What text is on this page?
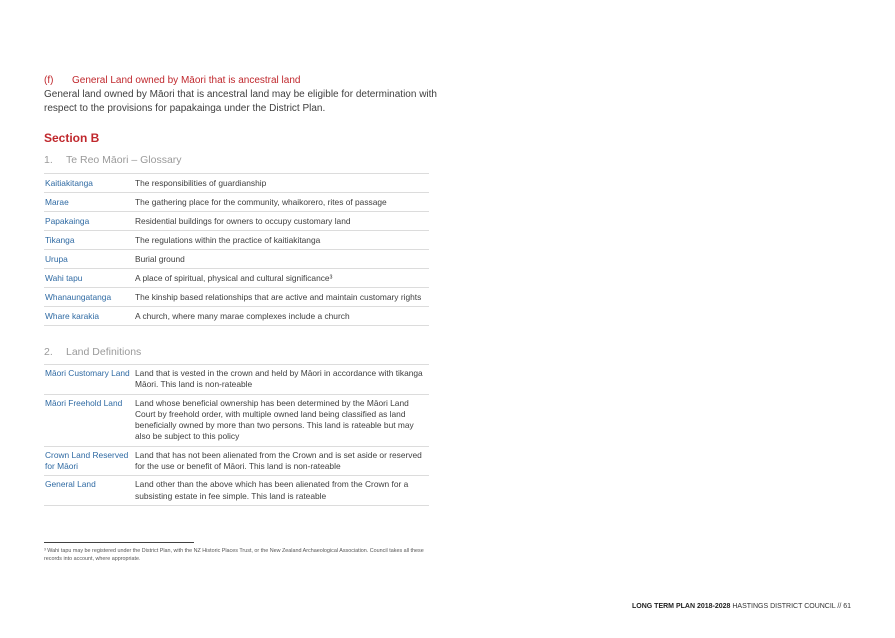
(f) General Land owned by Māori that is ancestral land
General land owned by Māori that is ancestral land may be eligible for determination with respect to the provisions for papakainga under the District Plan.
Section B
1. Te Reo Māori – Glossary
Kaitiakitanga	The responsibilities of guardianship
Marae	The gathering place for the community, whaikorero, rites of passage
Papakainga	Residential buildings for owners to occupy customary land
Tikanga	The regulations within the practice of kaitiakitanga
Urupa	Burial ground
Wahi tapu	A place of spiritual, physical and cultural significance³
Whanaungatanga	The kinship based relationships that are active and maintain customary rights
Whare karakia	A church, where many marae complexes include a church
2. Land Definitions
Māori Customary Land	Land that is vested in the crown and held by Māori in accordance with tikanga Māori. This land is non-rateable
Māori Freehold Land	Land whose beneficial ownership has been determined by the Māori Land Court by freehold order, with multiple owned land being classified as land beneficially owned by more than two persons. This land is rateable but may also be subject to this policy
Crown Land Reserved for Māori	Land that has not been alienated from the Crown and is set aside or reserved for the use or benefit of Māori. This land is non-rateable
General Land	Land other than the above which has been alienated from the Crown for a subsisting estate in fee simple. This land is rateable
³ Wahi tapu may be registered under the District Plan, with the NZ Historic Places Trust, or the New Zealand Archaeological Association. Council takes all these records into account, where appropriate.
LONG TERM PLAN 2018-2028 HASTINGS DISTRICT COUNCIL // 61
